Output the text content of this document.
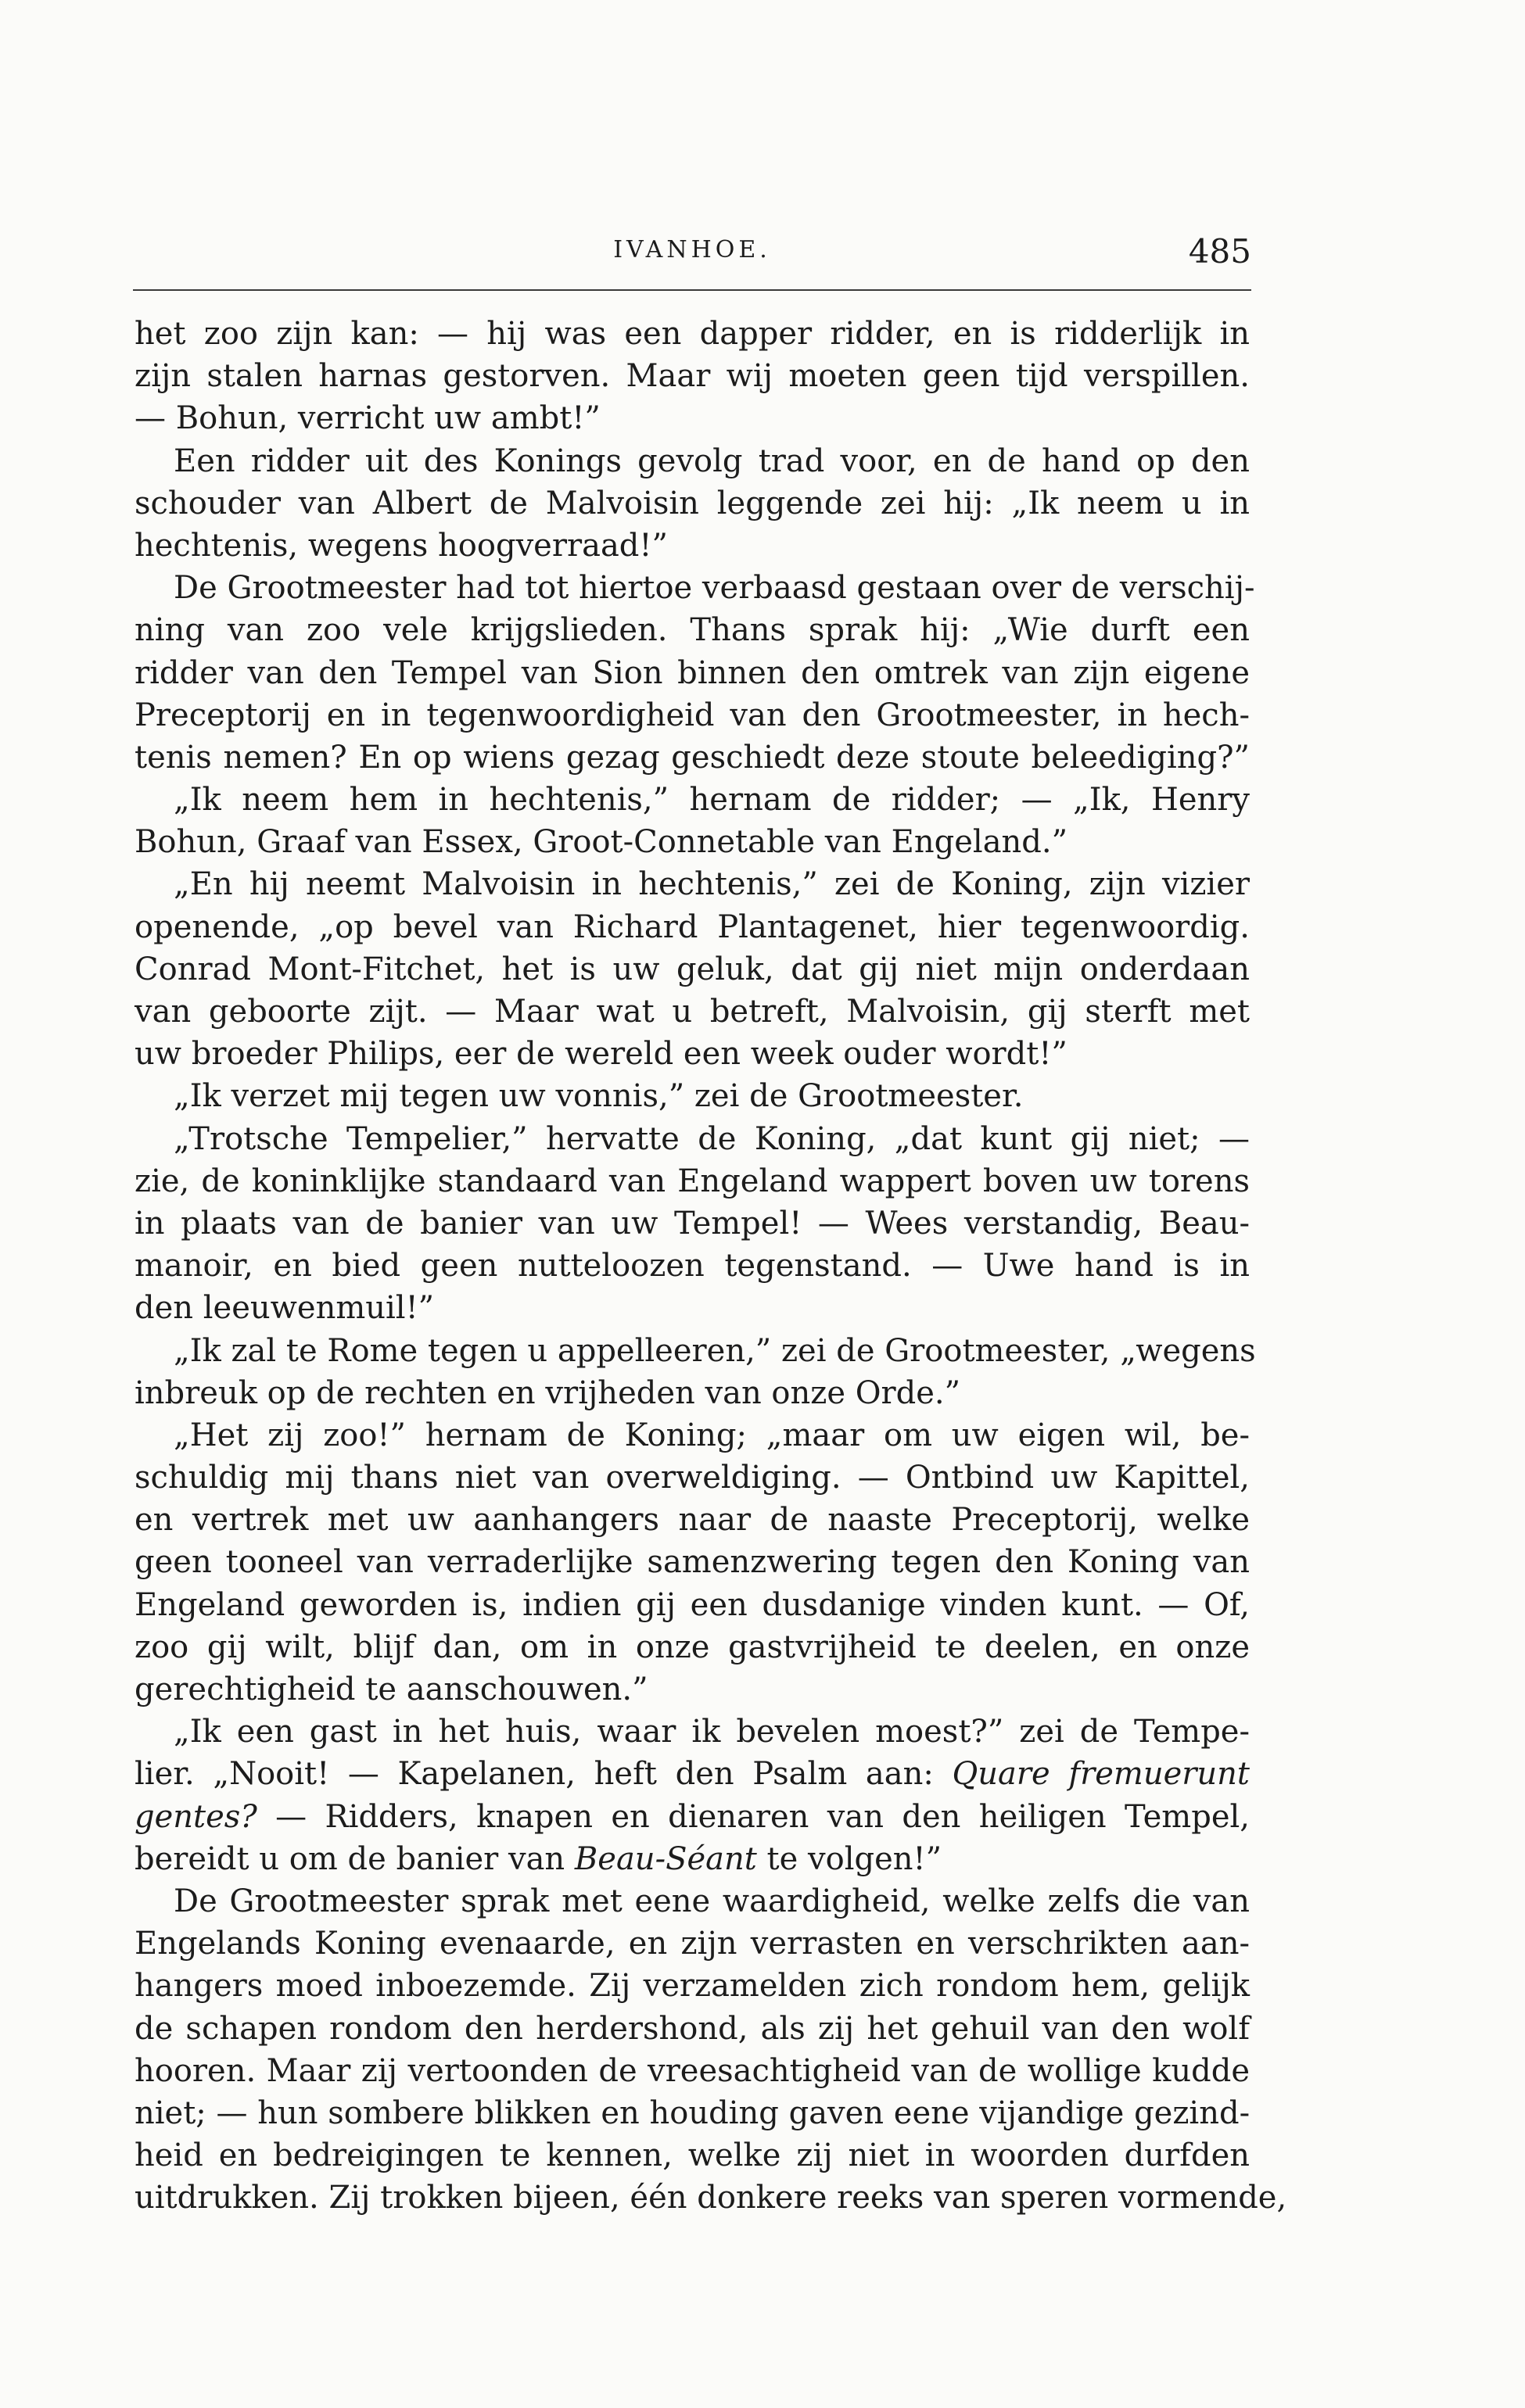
IVANHOE.	485
het zoo zijn kan: — hij was een dapper ridder, en is ridderlijk in
zijn stalen harnas gestorven. Maar wij moeten geen tijd verspillen.
— Bohun, verricht uw ambt!”
Een ridder uit des Konings gevolg trad voor, en de hand op den
schouder van Albert de Malvoisin leggende zei hij: „Ik neem u in
hechtenis, wegens hoogverraad!”
De Grootmeester had tot hiertoe verbaasd gestaan over de verschij-
ning van zoo vele krijgslieden. Thans sprak hij: „Wie durft een
ridder van den Tempel van Sion binnen den omtrek van zijn eigene
Preceptorij en in tegenwoordigheid van den Grootmeester, in hech-
tenis nemen? En op wiens gezag geschiedt deze stoute beleediging?”
„Ik neem hem in hechtenis,” hernam de ridder; — „Ik, Henry
Bohun, Graaf van Essex, Groot-Connetable van Engeland.”
„En hij neemt Malvoisin in hechtenis,” zei de Koning, zijn vizier
openende, „op bevel van Richard Plantagenet, hier tegenwoordig.
Conrad Mont-Fitchet, het is uw geluk, dat gij niet mijn onderdaan
van geboorte zijt. — Maar wat u betreft, Malvoisin, gij sterft met
uw broeder Philips, eer de wereld een week ouder wordt!”
„Ik verzet mij tegen uw vonnis,” zei de Grootmeester.
„Trotsche Tempelier,” hervatte de Koning, „dat kunt gij niet; —
zie, de koninklijke standaard van Engeland wappert boven uw torens
in plaats van de banier van uw Tempel! — Wees verstandig, Beau-
manoir, en bied geen nutteloozen tegenstand. — Uwe hand is in
den leeuwenmuil!”
„Ik zal te Rome tegen u appelleeren,” zei de Grootmeester, „wegens
inbreuk op de rechten en vrijheden van onze Orde.”
„Het zij zoo!” hernam de Koning; „maar om uw eigen wil, be-
schuldig mij thans niet van overweldiging. — Ontbind uw Kapittel,
en vertrek met uw aanhangers naar de naaste Preceptorij, welke
geen tooneel van verraderlijke samenzwering tegen den Koning van
Engeland geworden is, indien gij een dusdanige vinden kunt. — Of,
zoo gij wilt, blijf dan, om in onze gastvrijheid te deelen, en onze
gerechtigheid te aanschouwen.”
„Ik een gast in het huis, waar ik bevelen moest?” zei de Tempe-
lier. „Nooit! — Kapelanen, heft den Psalm aan: Quare fremuerunt
gentes? — Ridders, knapen en dienaren van den heiligen Tempel,
bereidt u om de banier van Beau-Séant te volgen!”
De Grootmeester sprak met eene waardigheid, welke zelfs die van
Engelands Koning evenaarde, en zijn verrasten en verschrikten aan-
hangers moed inboezemde. Zij verzamelden zich rondom hem, gelijk
de schapen rondom den herdershond, als zij het gehuil van den wolf
hooren. Maar zij vertoonden de vreesachtigheid van de wollige kudde
niet; — hun sombere blikken en houding gaven eene vijandige gezind-
heid en bedreigingen te kennen, welke zij niet in woorden durfden
uitdrukken. Zij trokken bijeen, één donkere reeks van speren vormende,
